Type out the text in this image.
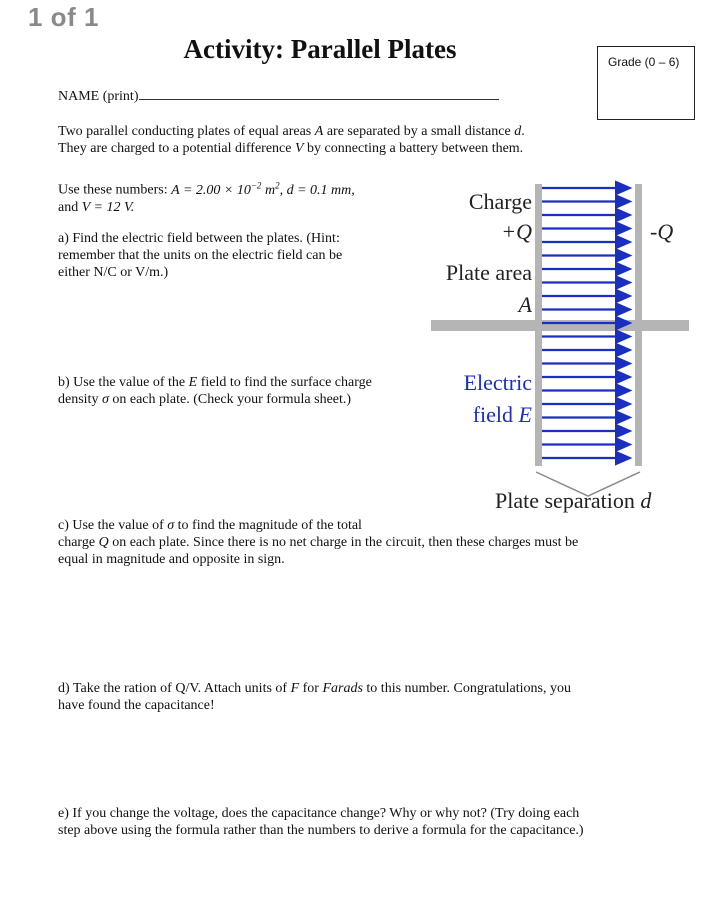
1 of 1
Activity: Parallel Plates	Grade (0 – 6)
NAME (print)
Two parallel conducting plates of equal areas A are separated by a small distance d.
They are charged to a potential difference V by connecting a battery between them.
Use these numbers: $A = 2.00 \times 10^{-2}$ $m^2$, d = 0.1 mm,
and V = 12 V.
a) Find the electric field between the plates. (Hint:
remember that the units on the electric field can be
either N/C or V/m.)
b) Use the value of the E field to find the surface charge
density σ on each plate. (Check your formula sheet.)
c) Use the value of σ to find the magnitude of the total
charge Q on each plate. Since there is no net charge in the circuit, then these charges must be
equal in magnitude and opposite in sign.
d) Take the ration of Q/V. Attach units of F for Farads to this number. Congratulations, you
have found the capacitance!
e) If you change the voltage, does the capacitance change? Why or why not? (Try doing each
step above using the formula rather than the numbers to derive a formula for the capacitance.)
Charge
+Q	-Q
Plate area
A
Electric
field E
Plate separation d
